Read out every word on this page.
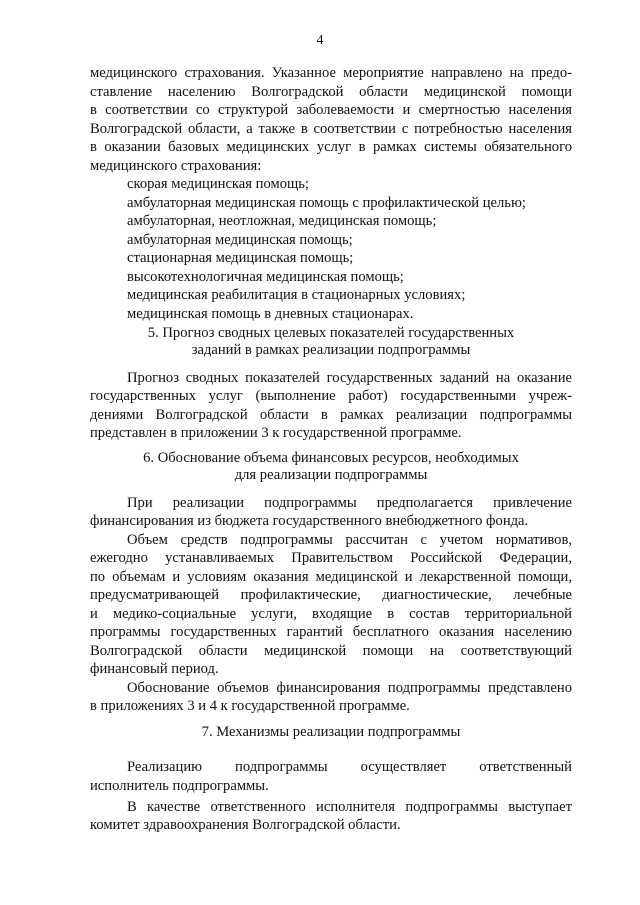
4
медицинского страхования. Указанное мероприятие направлено на предо-
ставление населению Волгоградской области медицинской помощи
в соответствии со структурой заболеваемости и смертностью населения
Волгоградской области, а также в соответствии с потребностью населения
в оказании базовых медицинских услуг в рамках системы обязательного
медицинского страхования:
скорая медицинская помощь;
амбулаторная медицинская помощь с профилактической целью;
амбулаторная, неотложная, медицинская помощь;
амбулаторная медицинская помощь;
стационарная медицинская помощь;
высокотехнологичная медицинская помощь;
медицинская реабилитация в стационарных условиях;
медицинская помощь в дневных стационарах.
5. Прогноз сводных целевых показателей государственных
заданий в рамках реализации подпрограммы
Прогноз сводных показателей государственных заданий на оказание
государственных услуг (выполнение работ) государственными учреж-
дениями Волгоградской области в рамках реализации подпрограммы
представлен в приложении 3 к государственной программе.
6. Обоснование объема финансовых ресурсов, необходимых
для реализации подпрограммы
При реализации подпрограммы предполагается привлечение
финансирования из бюджета государственного внебюджетного фонда.
Объем средств подпрограммы рассчитан с учетом нормативов,
ежегодно устанавливаемых Правительством Российской Федерации,
по объемам и условиям оказания медицинской и лекарственной помощи,
предусматривающей профилактические, диагностические, лечебные
и медико-социальные услуги, входящие в состав территориальной
программы государственных гарантий бесплатного оказания населению
Волгоградской области медицинской помощи на соответствующий
финансовый период.
Обоснование объемов финансирования подпрограммы представлено
в приложениях 3 и 4 к государственной программе.
7. Механизмы реализации подпрограммы
Реализацию подпрограммы осуществляет ответственный
исполнитель подпрограммы.
В качестве ответственного исполнителя подпрограммы выступает
комитет здравоохранения Волгоградской области.
